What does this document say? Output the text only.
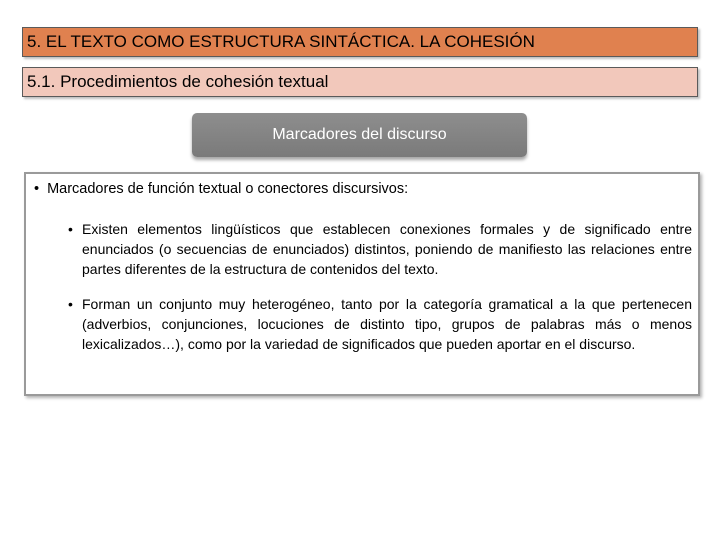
5. EL TEXTO COMO ESTRUCTURA SINTÁCTICA. LA COHESIÓN
5.1. Procedimientos de cohesión textual
Marcadores del discurso
• Marcadores de función textual o conectores discursivos:
• Existen elementos lingüísticos que establecen conexiones formales y de significado entre enunciados (o secuencias de enunciados) distintos, poniendo de manifiesto las relaciones entre partes diferentes de la estructura de contenidos del texto.
• Forman un conjunto muy heterogéneo, tanto por la categoría gramatical a la que pertenecen (adverbios, conjunciones, locuciones de distinto tipo, grupos de palabras más o menos lexicalizados…), como por la variedad de significados que pueden aportar en el discurso.
